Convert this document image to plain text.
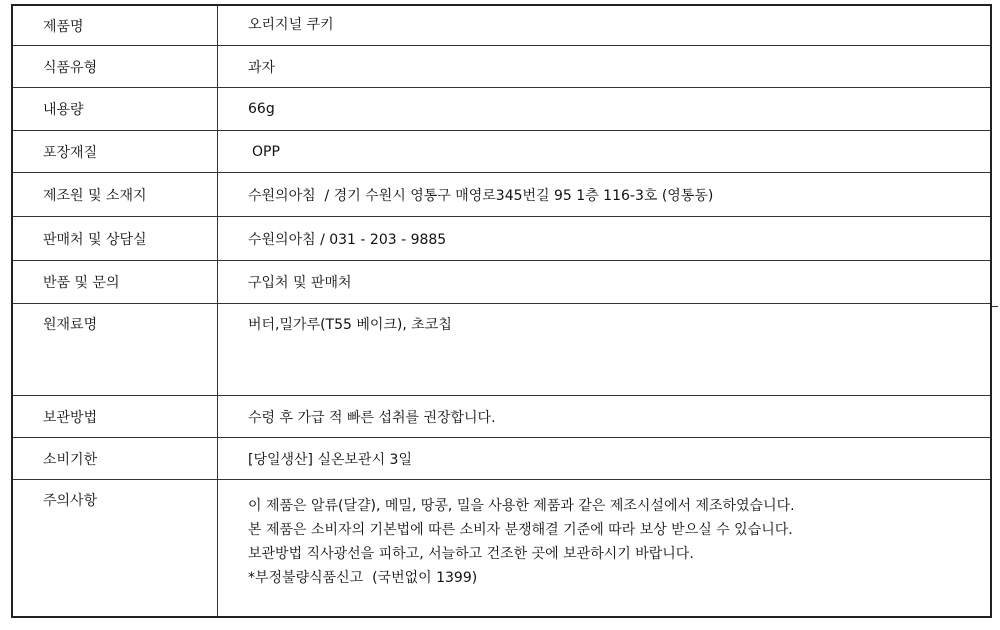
제품명	오리지널 쿠키
식품유형	과자
내용량	66g
포장재질	OPP
제조원 및 소재지	수원의아침  / 경기 수원시 영통구 매영로345번길 95 1층 116-3호 (영통동)
판매처 및 상담실	수원의아침 / 031 - 203 - 9885
반품 및 문의	구입처 및 판매처
원재료명	버터,밀가루(T55 베이크), 초코칩
보관방법	수령 후 가급 적 빠른 섭취를 권장합니다.
소비기한	[당일생산] 실온보관시 3일
주의사항	이 제품은 알류(달걀), 메밀, 땅콩, 밀을 사용한 제품과 같은 제조시설에서 제조하였습니다.
본 제품은 소비자의 기본법에 따른 소비자 분쟁해결 기준에 따라 보상 받으실 수 있습니다.
보관방법 직사광선을 피하고, 서늘하고 건조한 곳에 보관하시기 바랍니다.
*부정불량식품신고  (국번없이 1399)
